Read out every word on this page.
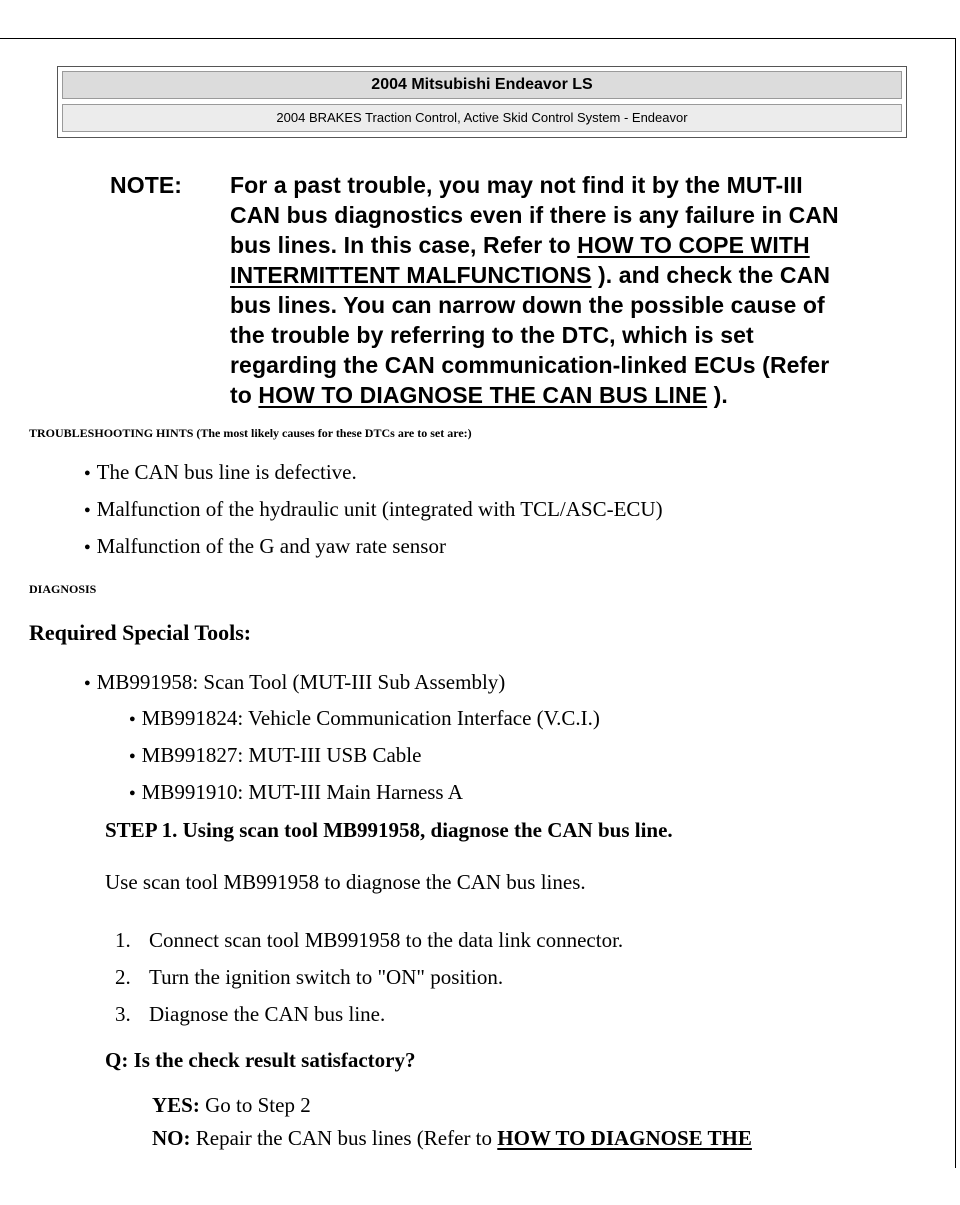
2004 Mitsubishi Endeavor LS
2004 BRAKES Traction Control, Active Skid Control System - Endeavor
NOTE: For a past trouble, you may not find it by the MUT-III
CAN bus diagnostics even if there is any failure in CAN
bus lines. In this case, Refer to HOW TO COPE WITH
INTERMITTENT MALFUNCTIONS ). and check the CAN
bus lines. You can narrow down the possible cause of
the trouble by referring to the DTC, which is set
regarding the CAN communication-linked ECUs (Refer
to HOW TO DIAGNOSE THE CAN BUS LINE ).
TROUBLESHOOTING HINTS (The most likely causes for these DTCs are to set are:)
● The CAN bus line is defective.
● Malfunction of the hydraulic unit (integrated with TCL/ASC-ECU)
● Malfunction of the G and yaw rate sensor
DIAGNOSIS
Required Special Tools:
● MB991958: Scan Tool (MUT-III Sub Assembly)
● MB991824: Vehicle Communication Interface (V.C.I.)
● MB991827: MUT-III USB Cable
● MB991910: MUT-III Main Harness A
STEP 1. Using scan tool MB991958, diagnose the CAN bus line.
Use scan tool MB991958 to diagnose the CAN bus lines.
1. Connect scan tool MB991958 to the data link connector.
2. Turn the ignition switch to "ON" position.
3. Diagnose the CAN bus line.
Q: Is the check result satisfactory?
YES: Go to Step 2
NO: Repair the CAN bus lines (Refer to HOW TO DIAGNOSE THE
